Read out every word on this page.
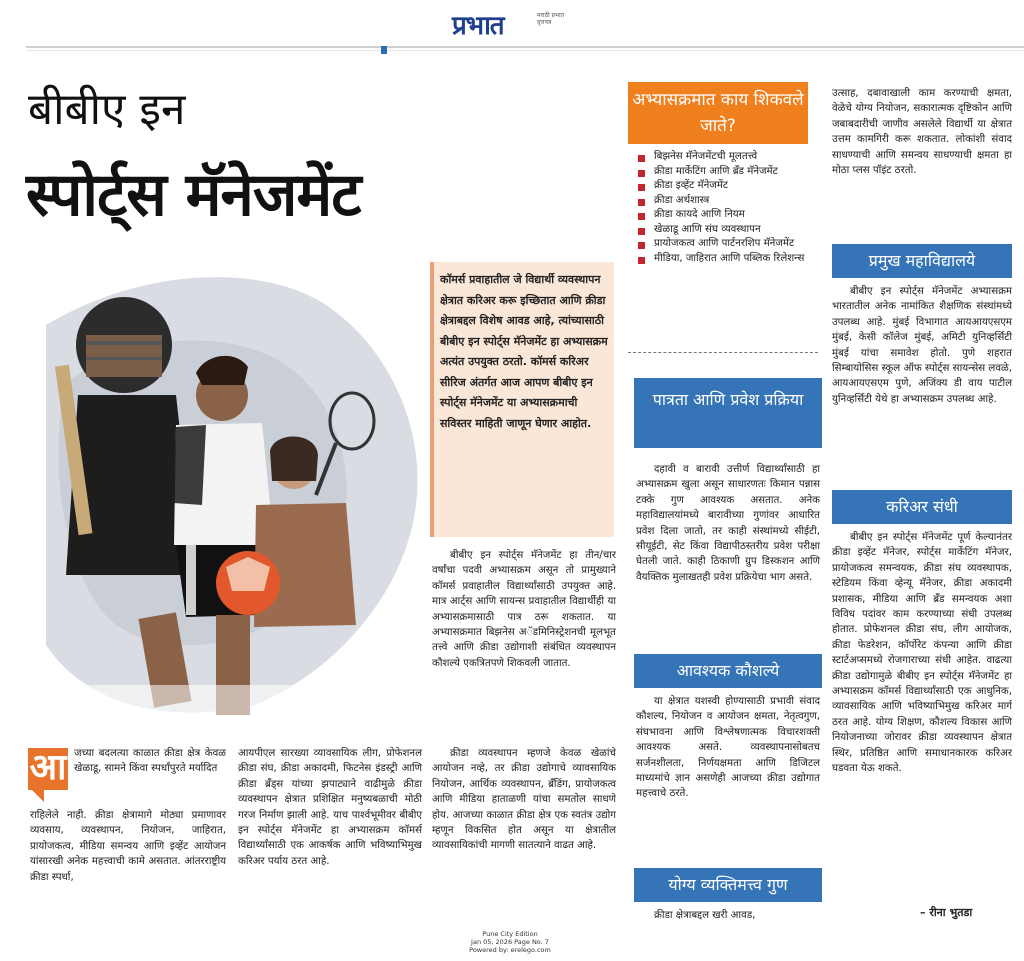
प्रभात	मराठी प्रभात वृत्तपत्र
बीबीए इन
स्पोर्ट्स मॅनेजमेंट
कॉमर्स प्रवाहातील जे विद्यार्थी व्यवस्थापन क्षेत्रात करिअर करू इच्छितात आणि क्रीडा क्षेत्राबद्दल विशेष आवड आहे, त्यांच्यासाठी बीबीए इन स्पोर्ट्स मॅनेजमेंट हा अभ्यासक्रम अत्यंत उपयुक्त ठरतो. कॉमर्स करिअर सीरिज अंतर्गत आज आपण बीबीए इन स्पोर्ट्स मॅनेजमेंट या अभ्यासक्रमाची सविस्तर माहिती जाणून घेणार आहोत.
आ जच्या बदलत्या काळात क्रीडा क्षेत्र केवळ खेळाडू, सामने किंवा स्पर्धांपुरते मर्यादित
राहिलेले नाही. क्रीडा क्षेत्रामागे मोठ्या प्रमाणावर व्यवसाय, व्यवस्थापन, नियोजन, जाहिरात, प्रायोजकत्व, मीडिया समन्वय आणि इव्हेंट आयोजन यांसारखी अनेक महत्त्वाची कामे असतात. आंतरराष्ट्रीय क्रीडा स्पर्धा,
आयपीएल सारख्या व्यावसायिक लीग, प्रोफेशनल क्रीडा संघ, क्रीडा अकादमी, फिटनेस इंडस्ट्री आणि क्रीडा ब्रँड्स यांच्या झपाट्याने वाढीमुळे क्रीडा व्यवस्थापन क्षेत्रात प्रशिक्षित मनुष्यबळाची मोठी गरज निर्माण झाली आहे. याच पार्श्वभूमीवर बीबीए इन स्पोर्ट्स मॅनेजमेंट हा अभ्यासक्रम कॉमर्स विद्यार्थ्यांसाठी एक आकर्षक आणि भविष्याभिमुख करिअर पर्याय ठरत आहे.
बीबीए इन स्पोर्ट्स मॅनेजमेंट हा तीन/चार वर्षांचा पदवी अभ्यासक्रम असून तो प्रामुख्याने कॉमर्स प्रवाहातील विद्यार्थ्यांसाठी उपयुक्त आहे. मात्र आर्ट्स आणि सायन्स प्रवाहातील विद्यार्थीही या अभ्यासक्रमासाठी पात्र ठरू शकतात. या अभ्यासक्रमात बिझनेस अॅडमिनिस्ट्रेशनची मूलभूत तत्त्वे आणि क्रीडा उद्योगाशी संबंधित व्यवस्थापन कौशल्ये एकत्रितपणे शिकवली जातात.
क्रीडा व्यवस्थापन म्हणजे केवळ खेळांचे आयोजन नव्हे, तर क्रीडा उद्योगाचे व्यावसायिक नियोजन, आर्थिक व्यवस्थापन, ब्रँडिंग, प्रायोजकत्व आणि मीडिया हाताळणी यांचा समतोल साधणे होय. आजच्या काळात क्रीडा क्षेत्र एक स्वतंत्र उद्योग म्हणून विकसित होत असून या क्षेत्रातील व्यावसायिकांची मागणी सातत्याने वाढत आहे.
अभ्यासक्रमात काय शिकवले जाते?
बिझनेस मॅनेजमेंटची मूलतत्त्वे
क्रीडा मार्केटिंग आणि ब्रँड मॅनेजमेंट
क्रीडा इव्हेंट मॅनेजमेंट
क्रीडा अर्थशास्त्र
क्रीडा कायदे आणि नियम
खेळाडू आणि संघ व्यवस्थापन
प्रायोजकत्व आणि पार्टनरशिप मॅनेजमेंट
मीडिया, जाहिरात आणि पब्लिक रिलेशन्स
पात्रता आणि प्रवेश प्रक्रिया
दहावी व बारावी उत्तीर्ण विद्यार्थ्यांसाठी हा अभ्यासक्रम खुला असून साधारणतः किमान पन्नास टक्के गुण आवश्यक असतात. अनेक महाविद्यालयांमध्ये बारावीच्या गुणांवर आधारित प्रवेश दिला जातो, तर काही संस्थांमध्ये सीईटी, सीयूईटी, सेट किंवा विद्यापीठस्तरीय प्रवेश परीक्षा घेतली जाते. काही ठिकाणी ग्रुप डिस्कशन आणि वैयक्तिक मुलाखतही प्रवेश प्रक्रियेचा भाग असते.
आवश्यक कौशल्ये
या क्षेत्रात यशस्वी होण्यासाठी प्रभावी संवाद कौशल्य, नियोजन व आयोजन क्षमता, नेतृत्वगुण, संघभावना आणि विश्लेषणात्मक विचारशक्ती आवश्यक असते. व्यवस्थापनासोबतच सर्जनशीलता, निर्णयक्षमता आणि डिजिटल माध्यमांचे ज्ञान असणेही आजच्या क्रीडा उद्योगात महत्त्वाचे ठरते.
योग्य व्यक्तिमत्त्व गुण
क्रीडा क्षेत्राबद्दल खरी आवड,
उत्साह, दबावाखाली काम करण्याची क्षमता, वेळेचे योग्य नियोजन, सकारात्मक दृष्टिकोन आणि जबाबदारीची जाणीव असलेले विद्यार्थी या क्षेत्रात उत्तम कामगिरी करू शकतात. लोकांशी संवाद साधण्याची आणि समन्वय साधण्याची क्षमता हा मोठा प्लस पॉइंट ठरतो.
प्रमुख महाविद्यालये
बीबीए इन स्पोर्ट्स मॅनेजमेंट अभ्यासक्रम भारतातील अनेक नामांकित शैक्षणिक संस्थांमध्ये उपलब्ध आहे. मुंबई विभागात आयआयएसएम मुंबई, केसी कॉलेज मुंबई, अमिटी युनिव्हर्सिटी मुंबई यांचा समावेश होतो. पुणे शहरात सिम्बायोसिस स्कूल ऑफ स्पोर्ट्स सायन्सेस लवळे, आयआयएसएम पुणे, अजिंक्य डी वाय पाटील युनिव्हर्सिटी येथे हा अभ्यासक्रम उपलब्ध आहे.
करिअर संधी
बीबीए इन स्पोर्ट्स मॅनेजमेंट पूर्ण केल्यानंतर क्रीडा इव्हेंट मॅनेजर, स्पोर्ट्स मार्केटिंग मॅनेजर, प्रायोजकत्व समन्वयक, क्रीडा संघ व्यवस्थापक, स्टेडियम किंवा व्हेन्यू मॅनेजर, क्रीडा अकादमी प्रशासक, मीडिया आणि ब्रँड समन्वयक अशा विविध पदांवर काम करण्याच्या संधी उपलब्ध होतात. प्रोफेशनल क्रीडा संघ, लीग आयोजक, क्रीडा फेडरेशन, कॉर्पोरेट कंपन्या आणि क्रीडा स्टार्टअप्समध्ये रोजगाराच्या संधी आहेत. वाढत्या क्रीडा उद्योगामुळे बीबीए इन स्पोर्ट्स मॅनेजमेंट हा अभ्यासक्रम कॉमर्स विद्यार्थ्यांसाठी एक आधुनिक, व्यावसायिक आणि भविष्याभिमुख करिअर मार्ग ठरत आहे. योग्य शिक्षण, कौशल्य विकास आणि नियोजनाच्या जोरावर क्रीडा व्यवस्थापन क्षेत्रात स्थिर, प्रतिष्ठित आणि समाधानकारक करिअर घडवता येऊ शकते.
– रीना भुतडा
Pune City Edition
Jan 05, 2026 Page No. 7
Powered by: erelego.com
